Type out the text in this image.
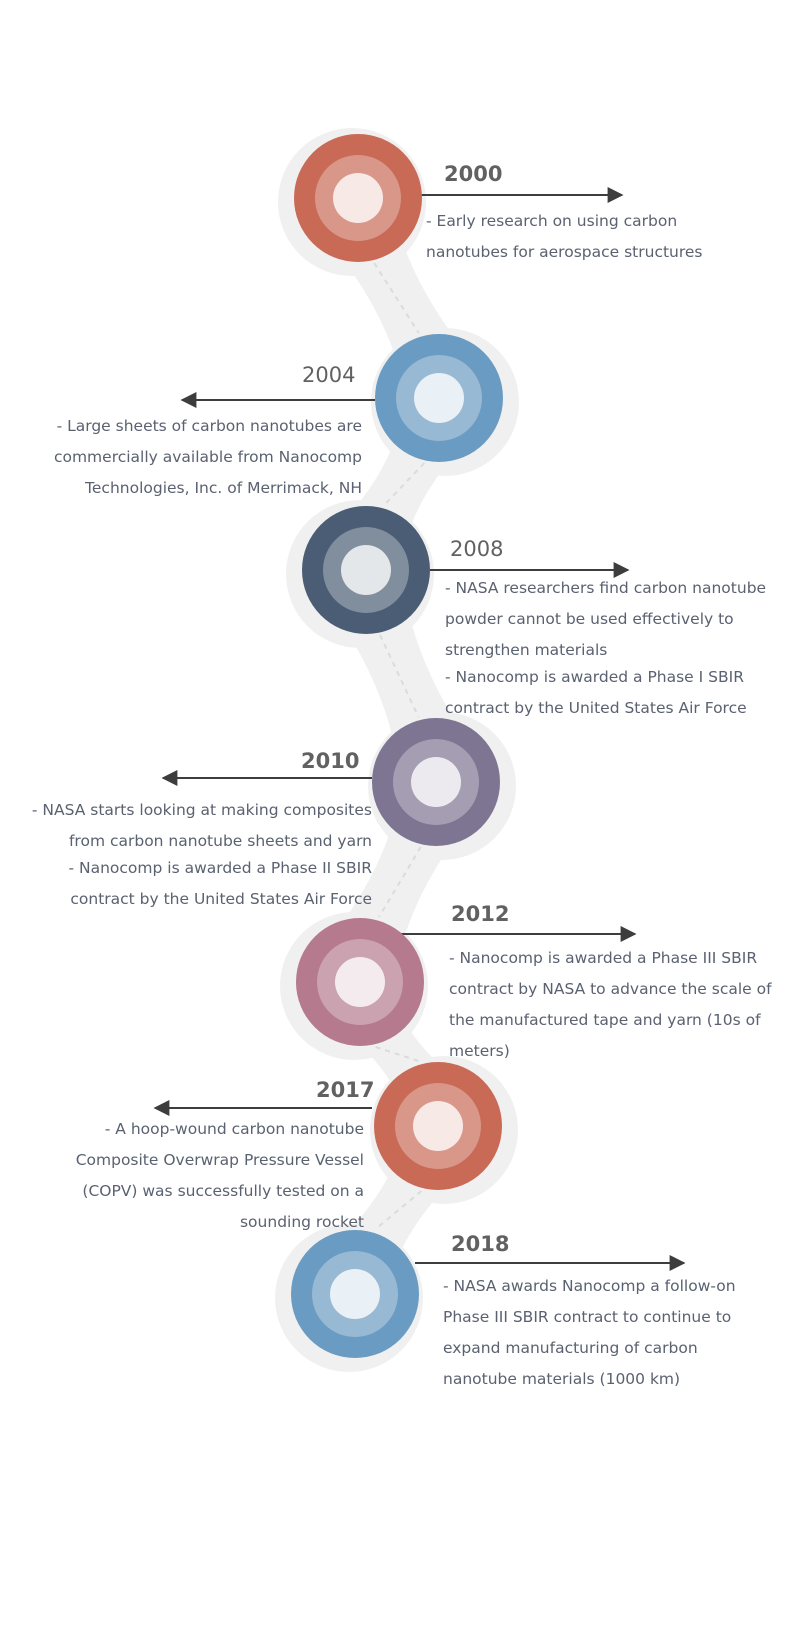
2000

- Early research on using carbon nanotubes for aerospace structures

2004

- Large sheets of carbon nanotubes are commercially available from Nanocomp Technologies, Inc. of Merrimack, NH

2008

- NASA researchers find carbon nanotube powder cannot be used effectively to strengthen materials

- Nanocomp is awarded a Phase I SBIR contract by the United States Air Force

2010

- NASA starts looking at making composites from carbon nanotube sheets and yarn

- Nanocomp is awarded a Phase II SBIR contract by the United States Air Force

2012

- Nanocomp is awarded a Phase III SBIR contract by NASA to advance the scale of the manufactured tape and yarn (10s of meters)

2017

- A hoop-wound carbon nanotube Composite Overwrap Pressure Vessel (COPV) was successfully tested on a sounding rocket

2018

- NASA awards Nanocomp a follow-on Phase III SBIR contract to continue to expand manufacturing of carbon nanotube materials (1000 km)
